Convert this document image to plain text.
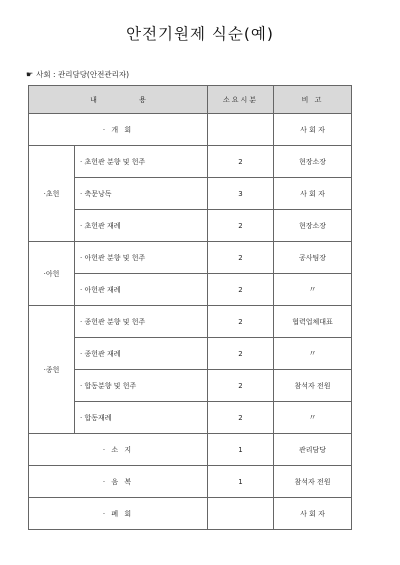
안전기원제 식순(예)
☛ 사회 : 관리담당(안전관리자)
내 용		소요시분	비 고
· 개 회			사 회 자
·초헌	· 초헌관 분향 및 헌주	2	현장소장
	· 축문낭독	3	사 회 자
	· 초헌관 재례	2	현장소장
·아헌	· 아헌관 분향 및 헌주	2	공사팀장
	· 아헌관 재례	2	〃
·종헌	· 종헌관 분향 및 헌주	2	협력업체대표
	· 종헌관 재례	2	〃
	· 합동분향 및 헌주	2	참석자 전원
	· 합동재례	2	〃
· 소 지		1	관리담당
· 음 복		1	참석자 전원
· 폐 회			사 회 자
